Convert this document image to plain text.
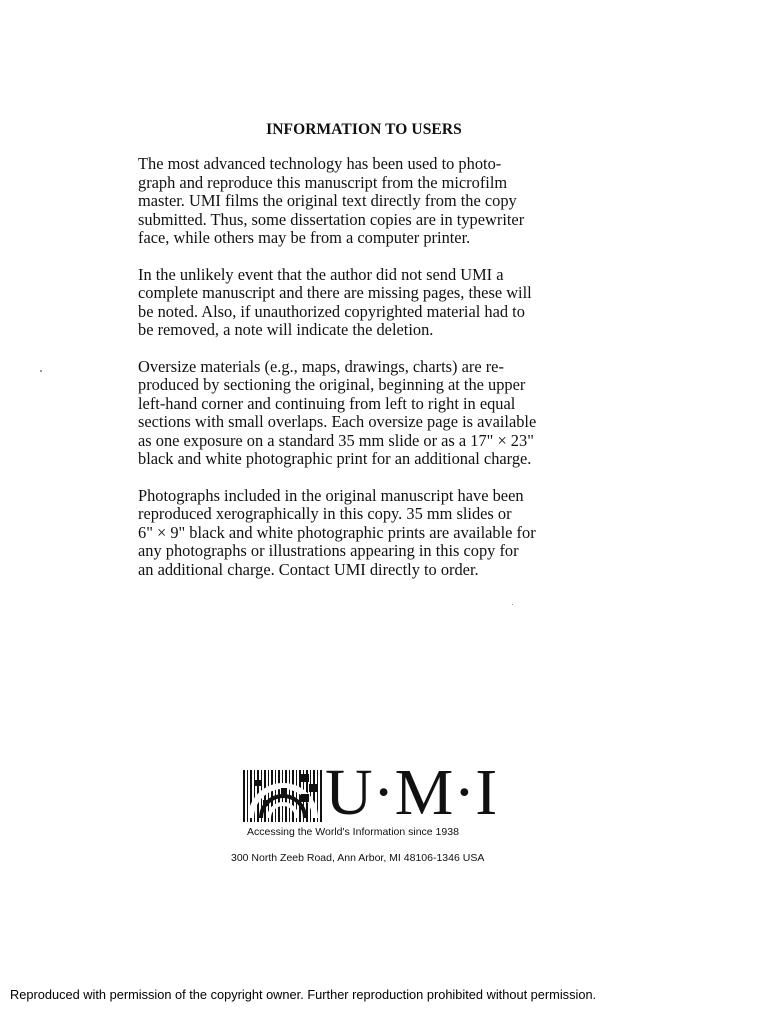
INFORMATION TO USERS

The most advanced technology has been used to photo-
graph and reproduce this manuscript from the microfilm
master. UMI films the original text directly from the copy
submitted. Thus, some dissertation copies are in typewriter
face, while others may be from a computer printer.

In the unlikely event that the author did not send UMI a
complete manuscript and there are missing pages, these will
be noted. Also, if unauthorized copyrighted material had to
be removed, a note will indicate the deletion.

Oversize materials (e.g., maps, drawings, charts) are re-
produced by sectioning the original, beginning at the upper
left-hand corner and continuing from left to right in equal
sections with small overlaps. Each oversize page is available
as one exposure on a standard 35 mm slide or as a 17" × 23"
black and white photographic print for an additional charge.

Photographs included in the original manuscript have been
reproduced xerographically in this copy. 35 mm slides or
6" × 9" black and white photographic prints are available for
any photographs or illustrations appearing in this copy for
an additional charge. Contact UMI directly to order.

U·M·I
Accessing the World's Information since 1938
300 North Zeeb Road, Ann Arbor, MI 48106-1346 USA
Reproduced with permission of the copyright owner. Further reproduction prohibited without permission.
